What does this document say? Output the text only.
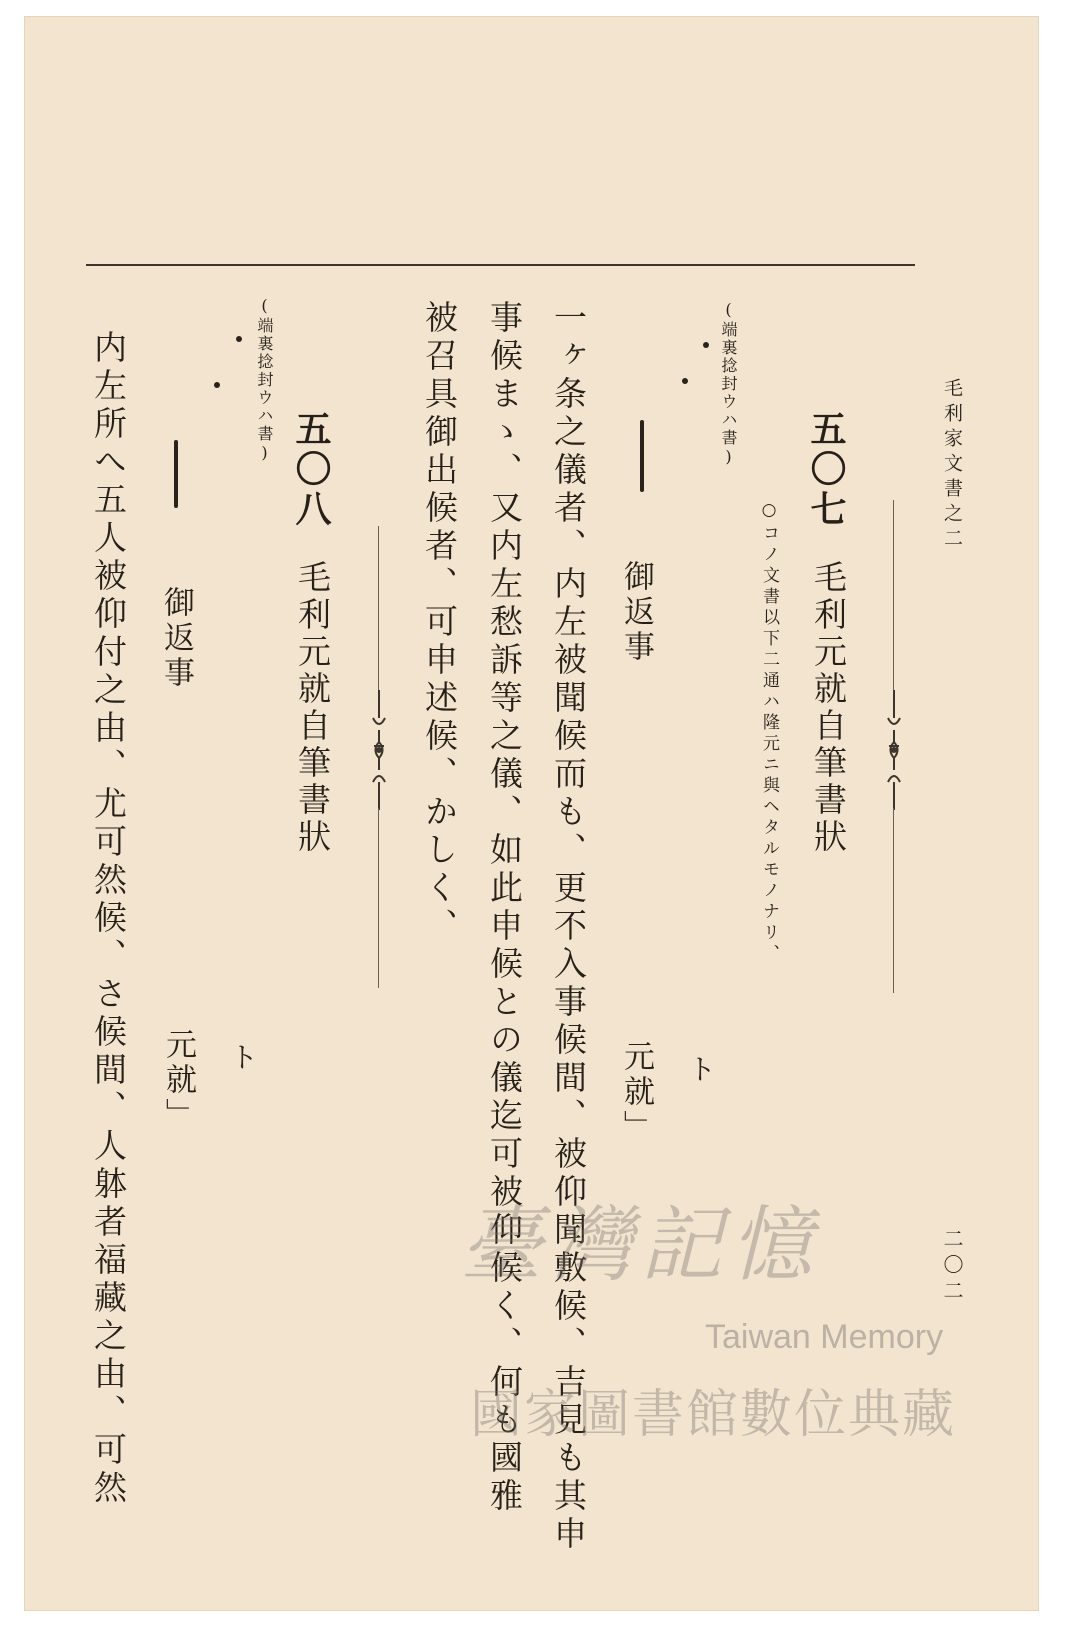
毛利家文書之二
二〇二
五〇七
毛利元就自筆書狀
○コノ文書以下二通ハ隆元ニ與ヘタルモノナリ、
(端裏捻封ウハ書)
御返事
元就」 ト
一ヶ条之儀者、内左被聞候而も、更不入事候間、被仰聞敷候、吉見も其申
事候まゝ、又内左愁訴等之儀、如此申候との儀迄可被仰候く、何も國雅
被召具御出候者、可申述候、かしく、
五〇八
毛利元就自筆書狀
(端裏捻封ウハ書)
御返事
元就」 ト
内左所へ五人被仰付之由、尤可然候、さ候間、人躰者福藏之由、可然	臺灣記憶
Taiwan Memory
國家圖書館數位典藏
